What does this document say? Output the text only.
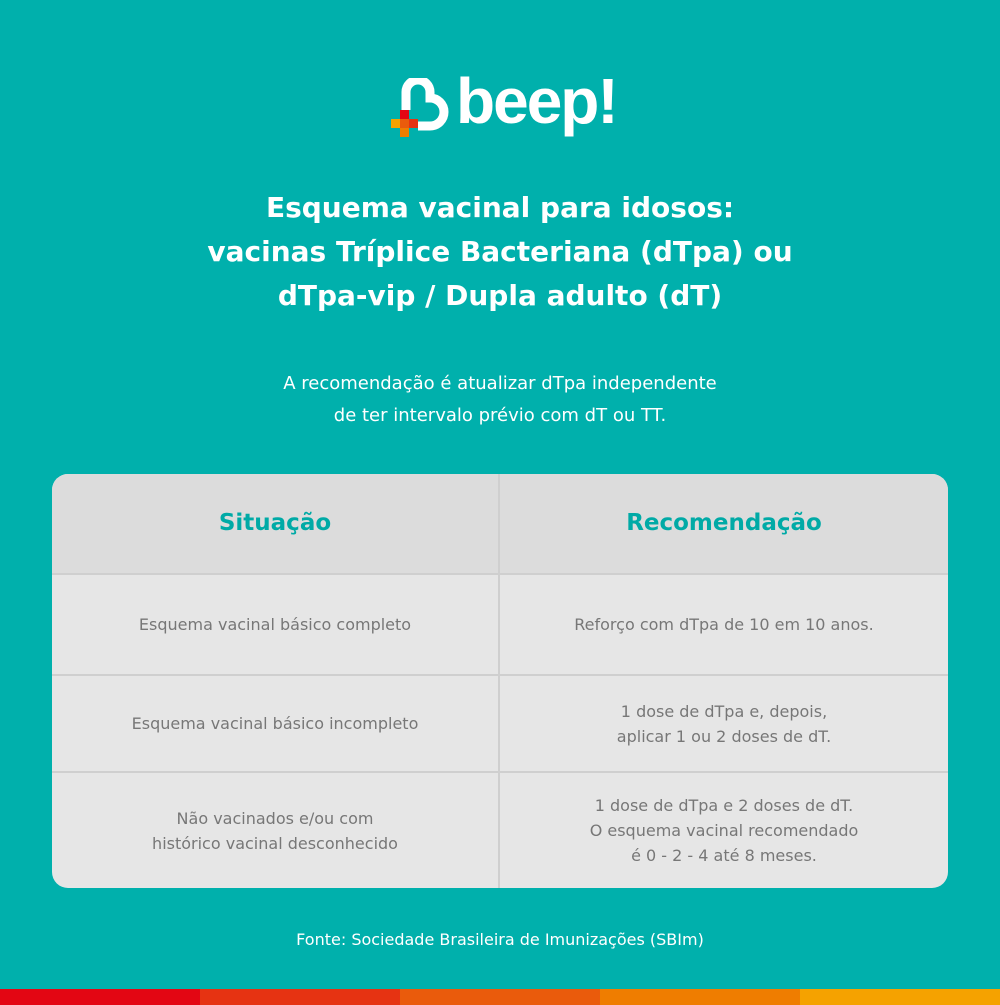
beep!
Esquema vacinal para idosos:
vacinas Tríplice Bacteriana (dTpa) ou
dTpa-vip / Dupla adulto (dT)
A recomendação é atualizar dTpa independente
de ter intervalo prévio com dT ou TT.
Situação	Recomendação
Esquema vacinal básico completo	Reforço com dTpa de 10 em 10 anos.
Esquema vacinal básico incompleto
1 dose de dTpa e, depois,
aplicar 1 ou 2 doses de dT.
Não vacinados e/ou com
histórico vacinal desconhecido
1 dose de dTpa e 2 doses de dT.
O esquema vacinal recomendado
é 0 - 2 - 4 até 8 meses.
Fonte: Sociedade Brasileira de Imunizações (SBIm)
